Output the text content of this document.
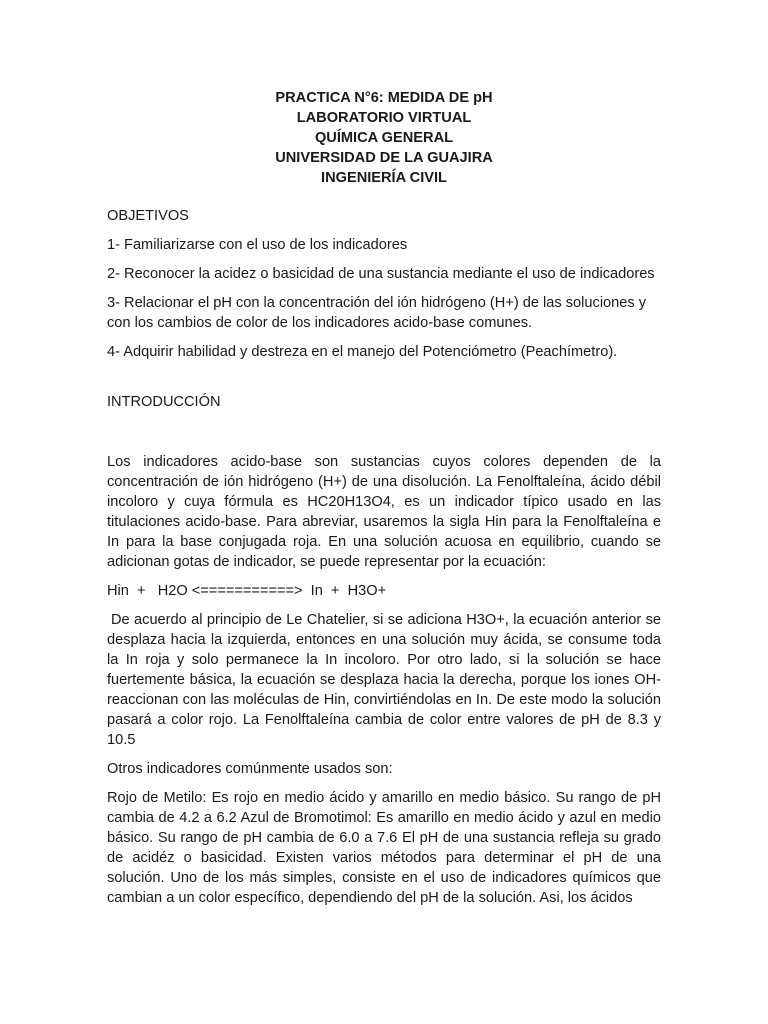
PRACTICA N°6: MEDIDA DE pH
LABORATORIO VIRTUAL
QUÍMICA GENERAL
UNIVERSIDAD DE LA GUAJIRA
INGENIERÍA CIVIL
OBJETIVOS
1- Familiarizarse con el uso de los indicadores
2- Reconocer la acidez o basicidad de una sustancia mediante el uso de indicadores
3- Relacionar el pH con la concentración del ión hidrógeno (H+) de las soluciones y con los cambios de color de los indicadores acido-base comunes.
4- Adquirir habilidad y destreza en el manejo del Potenciómetro (Peachímetro).
INTRODUCCIÓN

Los indicadores acido-base son sustancias cuyos colores dependen de la concentración de ión hidrógeno (H+) de una disolución. La Fenolftaleína, ácido débil incoloro y cuya fórmula es HC20H13O4, es un indicador típico usado en las titulaciones acido-base. Para abreviar, usaremos la sigla Hin para la Fenolftaleína e In para la base conjugada roja. En una solución acuosa en equilibrio, cuando se adicionan gotas de indicador, se puede representar por la ecuación:

Hin  +   H2O <===========>  In  +  H3O+

De acuerdo al principio de Le Chatelier, si se adiciona H3O+, la ecuación anterior se desplaza hacia la izquierda, entonces en una solución muy ácida, se consume toda la In roja y solo permanece la In incoloro. Por otro lado, si la solución se hace fuertemente básica, la ecuación se desplaza hacia la derecha, porque los iones OH- reaccionan con las moléculas de Hin, convirtiéndolas en In. De este modo la solución pasará a color rojo. La Fenolftaleína cambia de color entre valores de pH de 8.3 y 10.5

Otros indicadores comúnmente usados son:

Rojo de Metilo: Es rojo en medio ácido y amarillo en medio básico. Su rango de pH cambia de 4.2 a 6.2 Azul de Bromotimol: Es amarillo en medio ácido y azul en medio básico. Su rango de pH cambia de 6.0 a 7.6 El pH de una sustancia refleja su grado de acidéz o basicidad. Existen varios métodos para determinar el pH de una solución. Uno de los más simples, consiste en el uso de indicadores químicos que cambian a un color específico, dependiendo del pH de la solución. Asi, los ácidos
